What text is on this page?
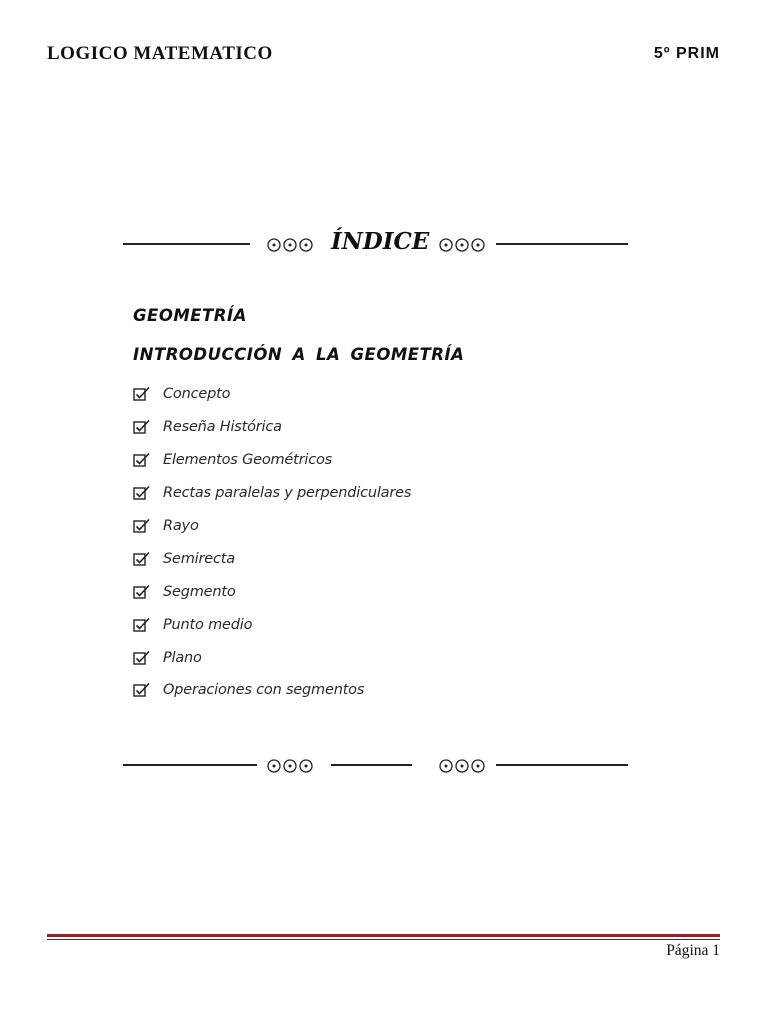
LOGICO MATEMATICO	5º PRIM
ÍNDICE
GEOMETRÍA
INTRODUCCIÓN A LA GEOMETRÍA
Concepto
Reseña Histórica
Elementos Geométricos
Rectas paralelas y perpendiculares
Rayo
Semirecta
Segmento
Punto medio
Plano
Operaciones con segmentos
Página 1
